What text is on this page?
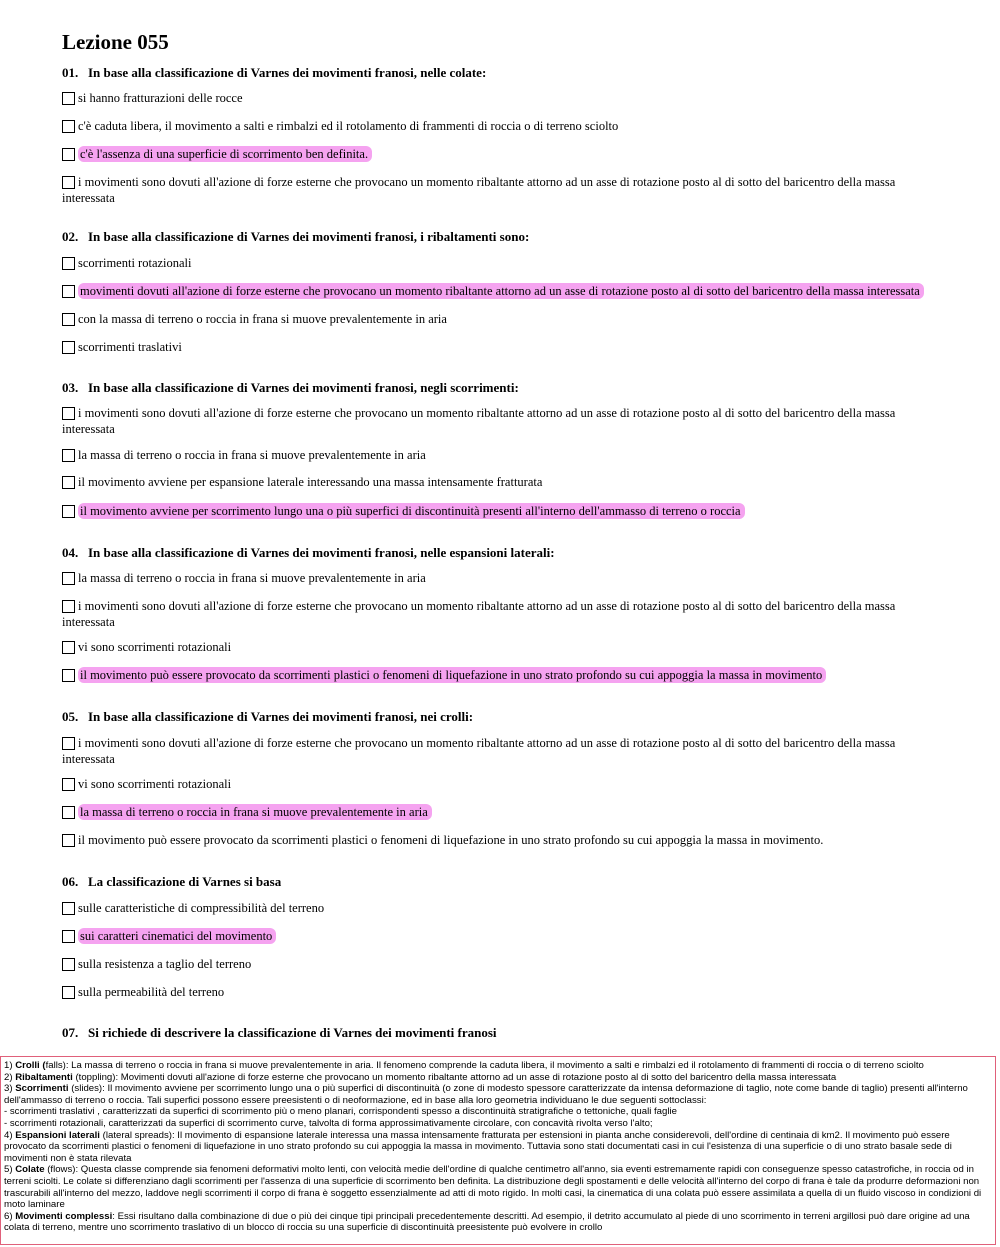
Lezione 055
01. In base alla classificazione di Varnes dei movimenti franosi, nelle colate:
si hanno fratturazioni delle rocce
c'è caduta libera, il movimento a salti e rimbalzi ed il rotolamento di frammenti di roccia o di terreno sciolto
c'è l'assenza di una superficie di scorrimento ben definita.
i movimenti sono dovuti all'azione di forze esterne che provocano un momento ribaltante attorno ad un asse di rotazione posto al di sotto del baricentro della massa interessata
02. In base alla classificazione di Varnes dei movimenti franosi, i ribaltamenti sono:
scorrimenti rotazionali
movimenti dovuti all'azione di forze esterne che provocano un momento ribaltante attorno ad un asse di rotazione posto al di sotto del baricentro della massa interessata
con la massa di terreno o roccia in frana si muove prevalentemente in aria
scorrimenti traslativi
03. In base alla classificazione di Varnes dei movimenti franosi, negli scorrimenti:
i movimenti sono dovuti all'azione di forze esterne che provocano un momento ribaltante attorno ad un asse di rotazione posto al di sotto del baricentro della massa interessata
la massa di terreno o roccia in frana si muove prevalentemente in aria
il movimento avviene per espansione laterale interessando una massa intensamente fratturata
il movimento avviene per scorrimento lungo una o più superfici di discontinuità presenti all'interno dell'ammasso di terreno o roccia
04. In base alla classificazione di Varnes dei movimenti franosi, nelle espansioni laterali:
la massa di terreno o roccia in frana si muove prevalentemente in aria
i movimenti sono dovuti all'azione di forze esterne che provocano un momento ribaltante attorno ad un asse di rotazione posto al di sotto del baricentro della massa interessata
vi sono scorrimenti rotazionali
il movimento può essere provocato da scorrimenti plastici o fenomeni di liquefazione in uno strato profondo su cui appoggia la massa in movimento
05. In base alla classificazione di Varnes dei movimenti franosi, nei crolli:
i movimenti sono dovuti all'azione di forze esterne che provocano un momento ribaltante attorno ad un asse di rotazione posto al di sotto del baricentro della massa interessata
vi sono scorrimenti rotazionali
la massa di terreno o roccia in frana si muove prevalentemente in aria
il movimento può essere provocato da scorrimenti plastici o fenomeni di liquefazione in uno strato profondo su cui appoggia la massa in movimento.
06. La classificazione di Varnes si basa
sulle caratteristiche di compressibilità del terreno
sui caratteri cinematici del movimento
sulla resistenza a taglio del terreno
sulla permeabilità del terreno
07. Si richiede di descrivere la classificazione di Varnes dei movimenti franosi

1) Crolli (falls): La massa di terreno o roccia in frana si muove prevalentemente in aria. Il fenomeno comprende la caduta libera, il movimento a salti e rimbalzi ed il rotolamento di frammenti di roccia o di terreno sciolto

2) Ribaltamenti (toppling): Movimenti dovuti all'azione di forze esterne che provocano un momento ribaltante attorno ad un asse di rotazione posto al di sotto del baricentro della massa interessata

3) Scorrimenti (slides): Il movimento avviene per scorrimento lungo una o più superfici di discontinuità (o zone di modesto spessore caratterizzate da intensa deformazione di taglio, note come bande di taglio) presenti all'interno dell'ammasso di terreno o roccia. Tali superfici possono essere preesistenti o di neoformazione, ed in base alla loro geometria individuano le due seguenti sottoclassi:

- scorrimenti traslativi , caratterizzati da superfici di scorrimento più o meno planari, corrispondenti spesso a discontinuità stratigrafiche o tettoniche, quali faglie

- scorrimenti rotazionali, caratterizzati da superfici di scorrimento curve, talvolta di forma approssimativamente circolare, con concavità rivolta verso l'alto;

4) Espansioni laterali (lateral spreads): Il movimento di espansione laterale interessa una massa intensamente fratturata per estensioni in pianta anche considerevoli, dell'ordine di centinaia di km2. Il movimento può essere provocato da scorrimenti plastici o fenomeni di liquefazione in uno strato profondo su cui appoggia la massa in movimento. Tuttavia sono stati documentati casi in cui l'esistenza di una superficie o di uno strato basale sede di movimenti non è stata rilevata

5) Colate (flows): Questa classe comprende sia fenomeni deformativi molto lenti, con velocità medie dell'ordine di qualche centimetro all'anno, sia eventi estremamente rapidi con conseguenze spesso catastrofiche, in roccia od in terreni sciolti. Le colate si differenziano dagli scorrimenti per l'assenza di una superficie di scorrimento ben definita. La distribuzione degli spostamenti e delle velocità all'interno del corpo di frana è tale da produrre deformazioni non trascurabili all'interno del mezzo, laddove negli scorrimenti il corpo di frana è soggetto essenzialmente ad atti di moto rigido. In molti casi, la cinematica di una colata può essere assimilata a quella di un fluido viscoso in condizioni di moto laminare

6) Movimenti complessi: Essi risultano dalla combinazione di due o più dei cinque tipi principali precedentemente descritti. Ad esempio, il detrito accumulato al piede di uno scorrimento in terreni argillosi può dare origine ad una colata di terreno, mentre uno scorrimento traslativo di un blocco di roccia su una superficie di discontinuità preesistente può evolvere in crollo
